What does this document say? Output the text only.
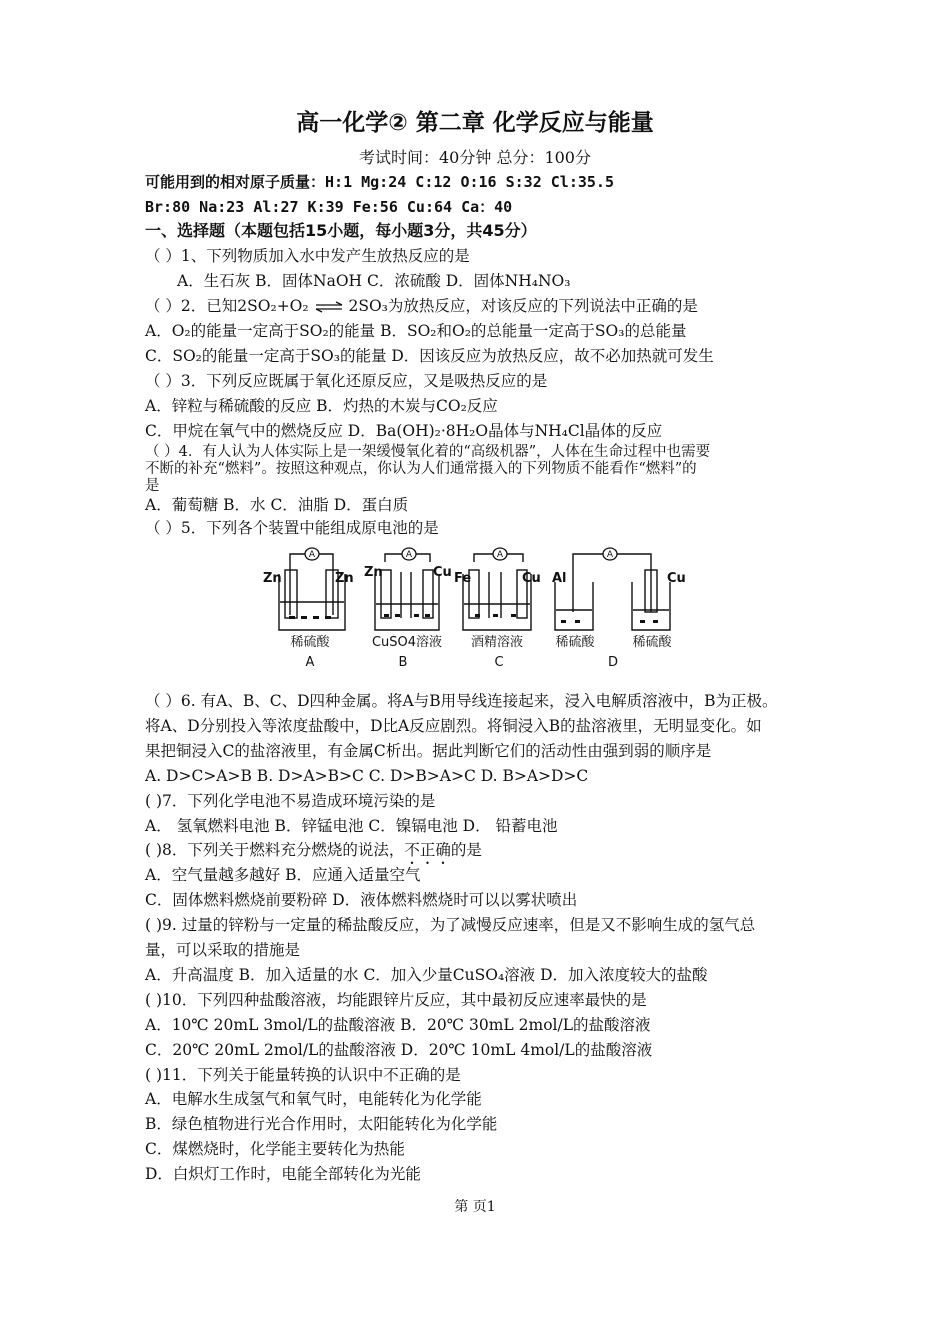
高一化学② 第二章 化学反应与能量
考试时间：40分钟 总分：100分
可能用到的相对原子质量：H:1 Mg:24 C:12 O:16 S:32 Cl:35.5
Br:80 Na:23 Al:27 K:39 Fe:56 Cu:64 Ca：40
一、选择题（本题包括15小题，每小题3分，共45分）
（ ）1、下列物质加入水中发产生放热反应的是
A．生石灰 B．固体NaOH C．浓硫酸 D．固体NH₄NO₃
（ ）2．已知2SO₂+O₂ ⇌ 2SO₃为放热反应，对该反应的下列说法中正确的是
A．O₂的能量一定高于SO₂的能量 B．SO₂和O₂的总能量一定高于SO₃的总能量
C．SO₂的能量一定高于SO₃的能量 D．因该反应为放热反应，故不必加热就可发生
（ ）3．下列反应既属于氧化还原反应，又是吸热反应的是
A．锌粒与稀硫酸的反应 B．灼热的木炭与CO₂反应
C．甲烷在氧气中的燃烧反应 D．Ba(OH)₂·8H₂O晶体与NH₄Cl晶体的反应
（ ）4．有人认为人体实际上是一架缓慢氧化着的“高级机器”，人体在生命过程中也需要
不断的补充“燃料”。按照这种观点，你认为人们通常摄入的下列物质不能看作“燃料”的
是
A．葡萄糖 B．水 C．油脂 D．蛋白质
（ ）5．下列各个装置中能组成原电池的是
A	A	A	A
Zn	Zn Zn	Cu Fe	Cu Al	Cu
稀硫酸	CuSO4溶液 酒精溶液 稀硫酸	稀硫酸
A	B	C	D
（ ）6. 有A、B、C、D四种金属。将A与B用导线连接起来，浸入电解质溶液中，B为正极。
将A、D分别投入等浓度盐酸中，D比A反应剧烈。将铜浸入B的盐溶液里，无明显变化。如
果把铜浸入C的盐溶液里，有金属C析出。据此判断它们的活动性由强到弱的顺序是
A. D>C>A>B B. D>A>B>C C. D>B>A>C D. B>A>D>C
( )7．下列化学电池不易造成环境污染的是
A． 氢氧燃料电池 B．锌锰电池 C．镍镉电池 D． 铅蓄电池
( )8．下列关于燃料充分燃烧的说法，不正确的是
A．空气量越多越好 B．应通入适量空气
C．固体燃料燃烧前要粉碎 D．液体燃料燃烧时可以以雾状喷出
( )9. 过量的锌粉与一定量的稀盐酸反应，为了减慢反应速率，但是又不影响生成的氢气总
量，可以采取的措施是
A．升高温度 B．加入适量的水 C．加入少量CuSO₄溶液 D．加入浓度较大的盐酸
( )10．下列四种盐酸溶液，均能跟锌片反应，其中最初反应速率最快的是
A．10℃ 20mL 3mol/L的盐酸溶液 B．20℃ 30mL 2mol/L的盐酸溶液
C．20℃ 20mL 2mol/L的盐酸溶液 D．20℃ 10mL 4mol/L的盐酸溶液
( )11．下列关于能量转换的认识中不正确的是
A．电解水生成氢气和氧气时，电能转化为化学能
B．绿色植物进行光合作用时，太阳能转化为化学能
C．煤燃烧时，化学能主要转化为热能
D．白炽灯工作时，电能全部转化为光能
第 页1
